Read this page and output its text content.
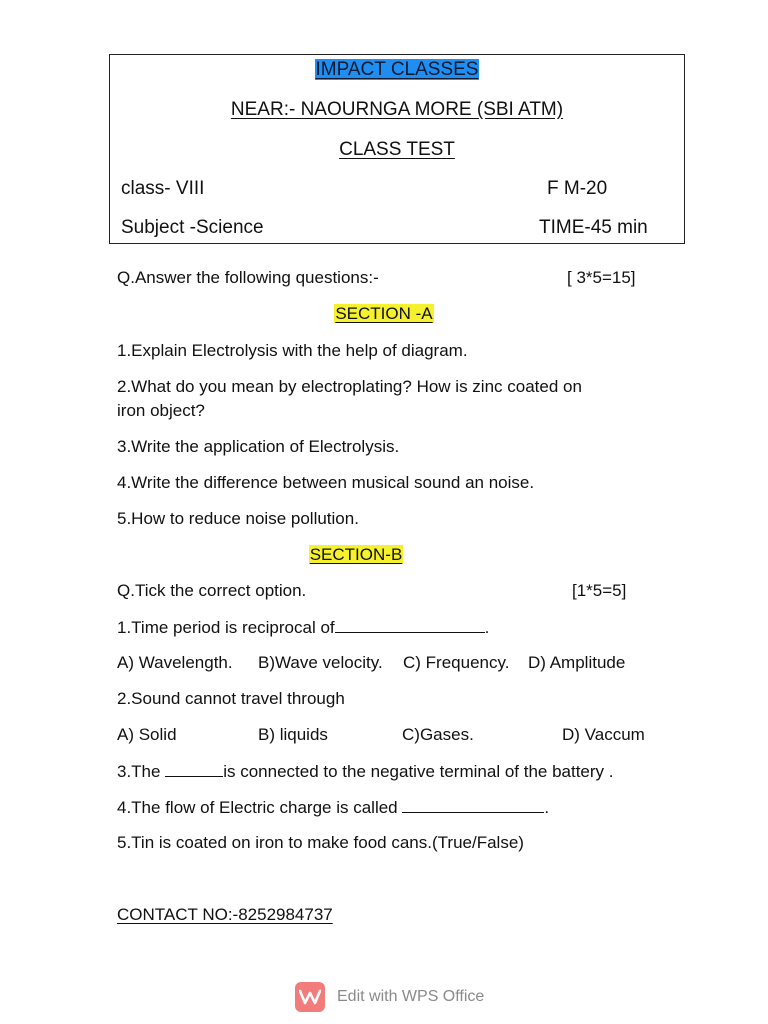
IMPACT CLASSES
NEAR:- NAOURNGA MORE (SBI ATM)
CLASS TEST
class- VIII	F M-20
Subject -Science	TIME-45 min
Q.Answer the following questions:-	[ 3*5=15]
SECTION -A
1.Explain Electrolysis with the help of diagram.
2.What do you mean by electroplating? How is zinc coated on
iron object?
3.Write the application of Electrolysis.
4.Write the difference between musical sound an noise.
5.How to reduce noise pollution.
SECTION-B
Q.Tick the correct option.	[1*5=5]
1.Time period is reciprocal of	.
A) Wavelength. B)Wave velocity. C) Frequency. D) Amplitude
2.Sound cannot travel through
A) Solid	B) liquids	C)Gases.	D) Vaccum
3.The	is connected to the negative terminal of the battery .
4.The flow of Electric charge is called	.
5.Tin is coated on iron to make food cans.(True/False)
CONTACT NO:-8252984737
Edit with WPS Office
